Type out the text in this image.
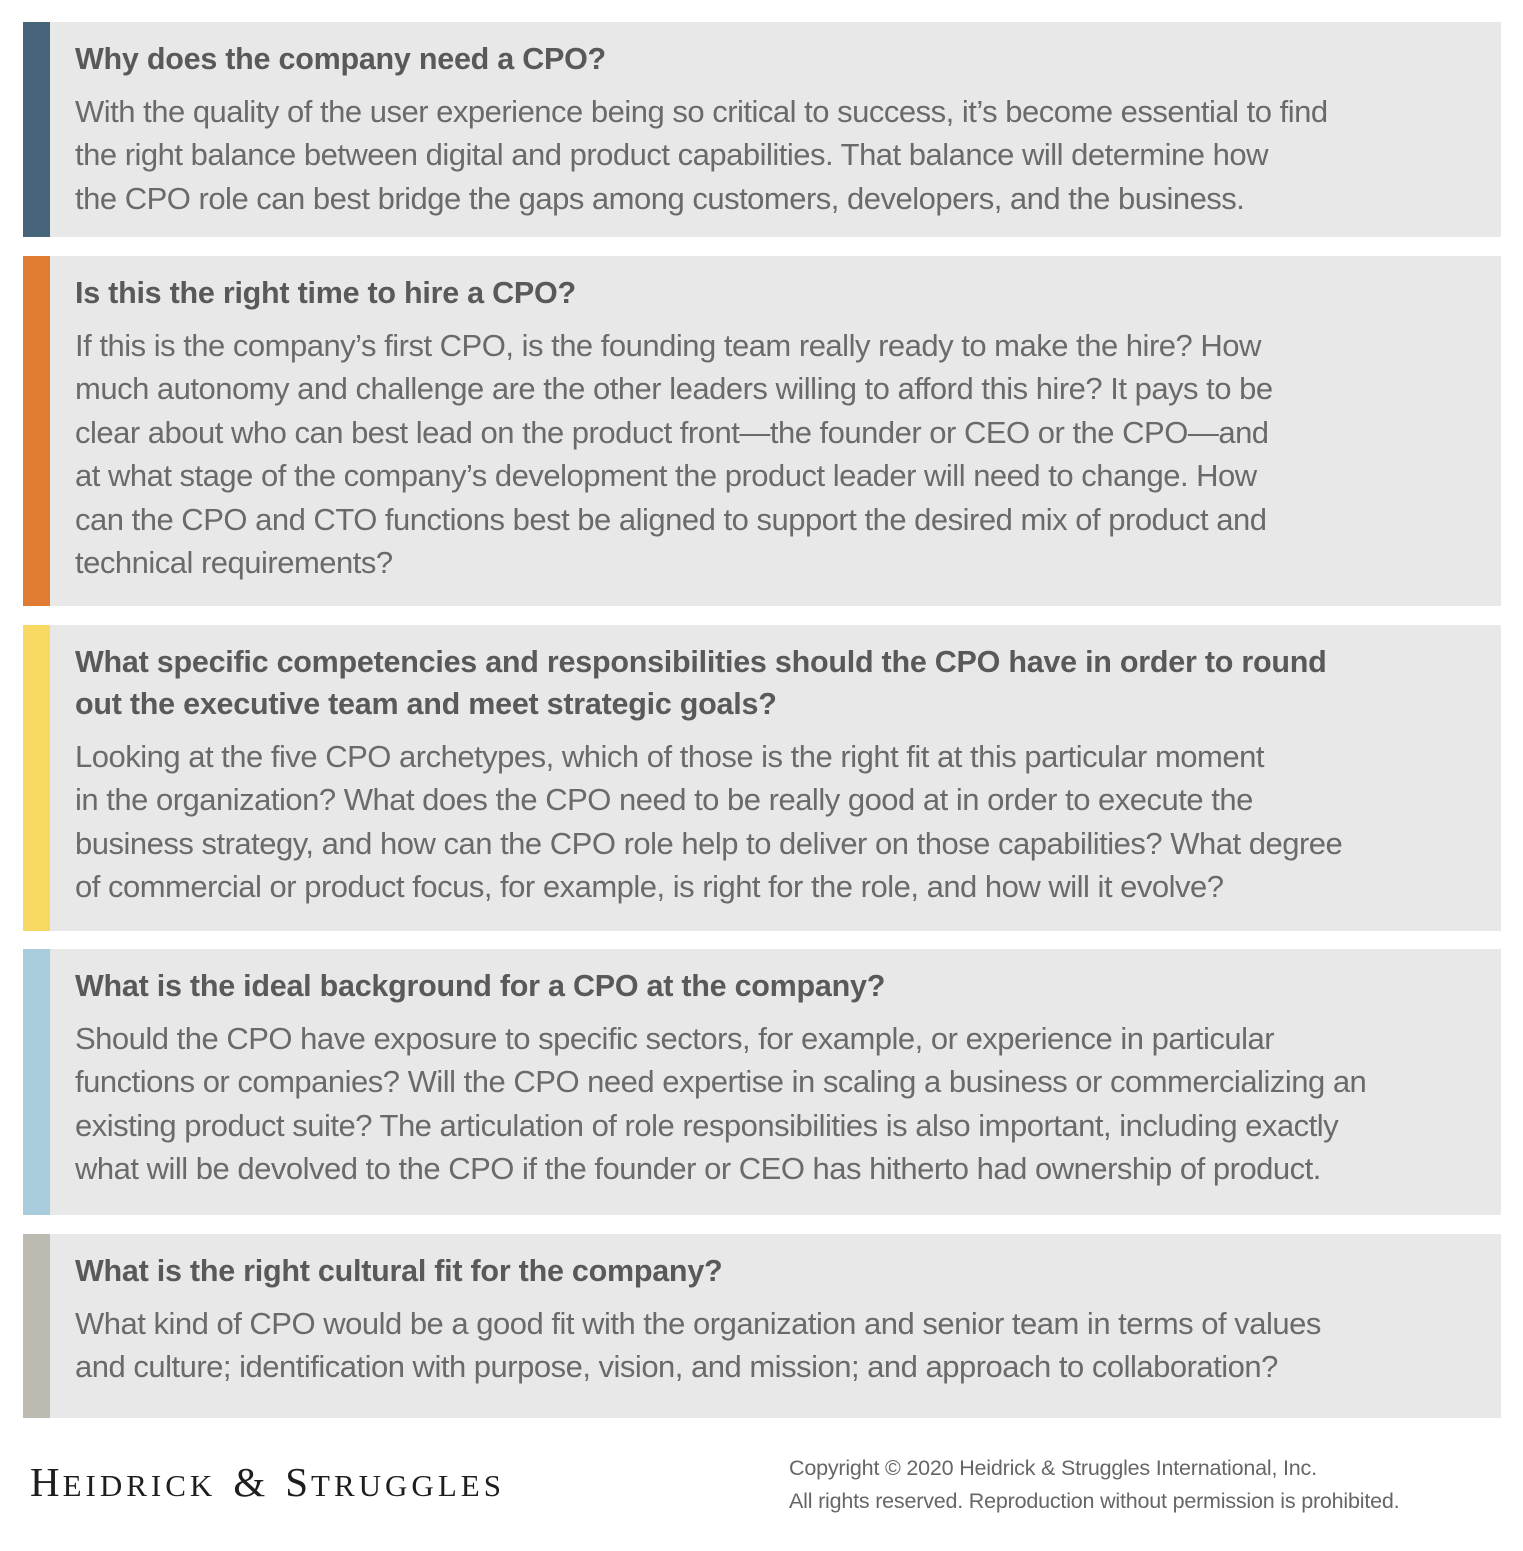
Why does the company need a CPO?
With the quality of the user experience being so critical to success, it’s become essential to find
the right balance between digital and product capabilities. That balance will determine how
the CPO role can best bridge the gaps among customers, developers, and the business.
Is this the right time to hire a CPO?
If this is the company’s first CPO, is the founding team really ready to make the hire? How
much autonomy and challenge are the other leaders willing to afford this hire? It pays to be
clear about who can best lead on the product front—the founder or CEO or the CPO—and
at what stage of the company’s development the product leader will need to change. How
can the CPO and CTO functions best be aligned to support the desired mix of product and
technical requirements?
What specific competencies and responsibilities should the CPO have in order to round
out the executive team and meet strategic goals?
Looking at the five CPO archetypes, which of those is the right fit at this particular moment
in the organization? What does the CPO need to be really good at in order to execute the
business strategy, and how can the CPO role help to deliver on those capabilities? What degree
of commercial or product focus, for example, is right for the role, and how will it evolve?
What is the ideal background for a CPO at the company?
Should the CPO have exposure to specific sectors, for example, or experience in particular
functions or companies? Will the CPO need expertise in scaling a business or commercializing an
existing product suite? The articulation of role responsibilities is also important, including exactly
what will be devolved to the CPO if the founder or CEO has hitherto had ownership of product.
What is the right cultural fit for the company?
What kind of CPO would be a good fit with the organization and senior team in terms of values
and culture; identification with purpose, vision, and mission; and approach to collaboration?
HEIDRICK & STRUGGLES	Copyright © 2020 Heidrick & Struggles International, Inc.
All rights reserved. Reproduction without permission is prohibited.
